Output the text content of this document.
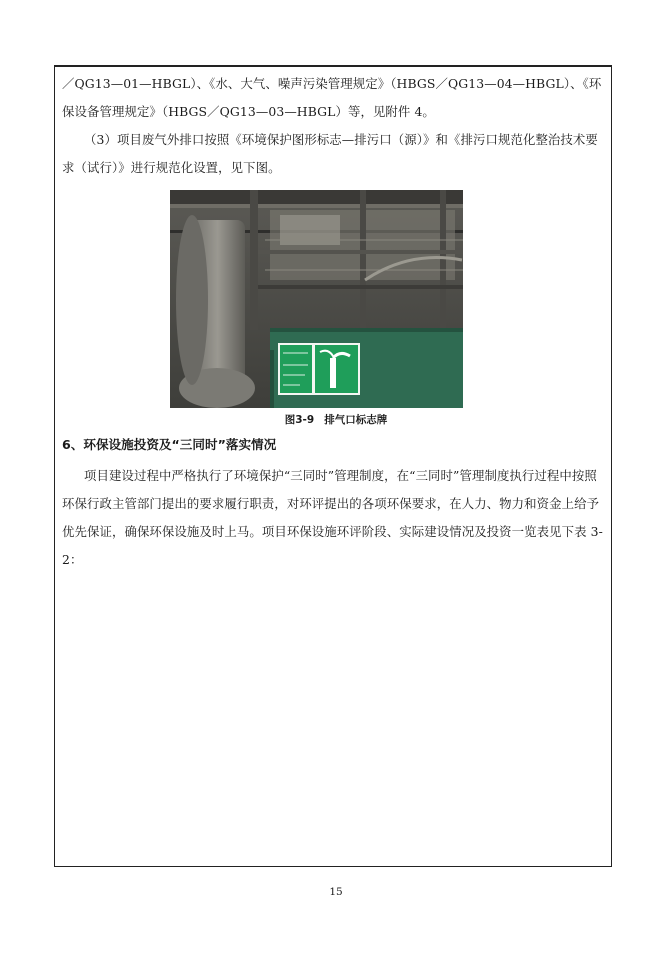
／QG13—01—HBGL）、《水、大气、噪声污染管理规定》（HBGS／QG13—04—HBGL）、《环保设备管理规定》（HBGS／QG13—03—HBGL）等，见附件 4。

（3）项目废气外排口按照《环境保护图形标志—排污口（源）》和《排污口规范化整治技术要求（试行）》进行规范化设置，见下图。

图3-9 排气口标志牌

6、环保设施投资及“三同时”落实情况

项目建设过程中严格执行了环境保护“三同时”管理制度，在“三同时”管理制度执行过程中按照环保行政主管部门提出的要求履行职责，对环评提出的各项环保要求，在人力、物力和资金上给予优先保证，确保环保设施及时上马。项目环保设施环评阶段、实际建设情况及投资一览表见下表 3-2：

15
